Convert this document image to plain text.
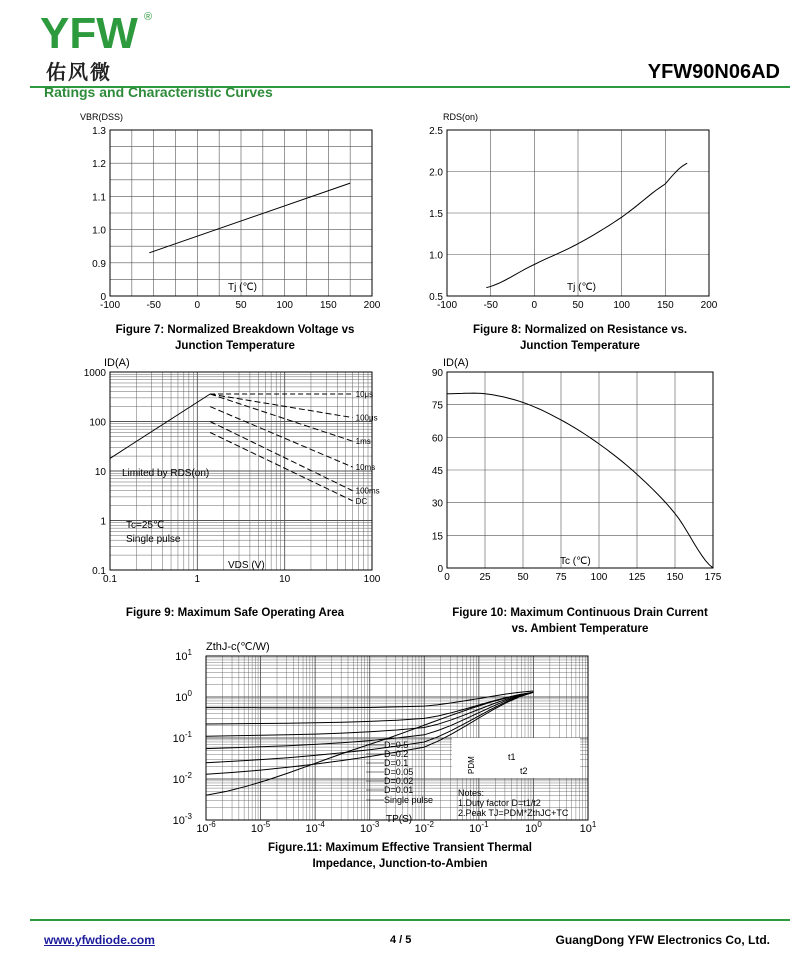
YFW ®
佑风微	YFW90N06AD
Ratings and Characteristic Curves
-100	-50	0	50	100	150	200
0
0.9
1.0
1.1
1.2
1.3
VBR(DSS)
Tj (℃)
Figure 7: Normalized Breakdown Voltage vs
Junction Temperature
-100	-50	0	50	100	150	200
0.5
1.0
1.5
2.0
2.5
RDS(on)
Tj (℃)
Figure 8: Normalized on Resistance vs.
Junction Temperature
0.1	1	10	100
0.1
1
10
100
1000
10μs
100μs
1ms
10ms
100ms
DC
ID(A)
VDS (V)
Limited by RDS(on)
Tc=25℃
Single pulse
Figure 9: Maximum Safe Operating Area
0	25	50	75 100 125 150 175
0
15
30
45
60
75
90
ID(A)
Tc (℃)
Figure 10: Maximum Continuous Drain Current
vs. Ambient Temperature
$10^{-6}$	$10^{-5}$	$10^{-4}$	$10^{-3}$	$10^{-2}$	$10^{-1}$	$10^0$	$10^1$
$10^{-3}$
$10^{-2}$
$10^{-1}$
$10^0$
$10^1$
D=0.5
D=0.2
D=0.1
D=0.05
D=0.02
D=0.01
Single pulse
Notes:
1.Duty factor D=t1/t2
2.Peak TJ=PDM*ZthJC+TC
PDM	t1
t2
ZthJ-c(℃/W)
TP(S)
Figure.11: Maximum Effective Transient Thermal
Impedance, Junction-to-Ambien
www.yfwdiode.com	4 / 5	GuangDong YFW Electronics Co, Ltd.
